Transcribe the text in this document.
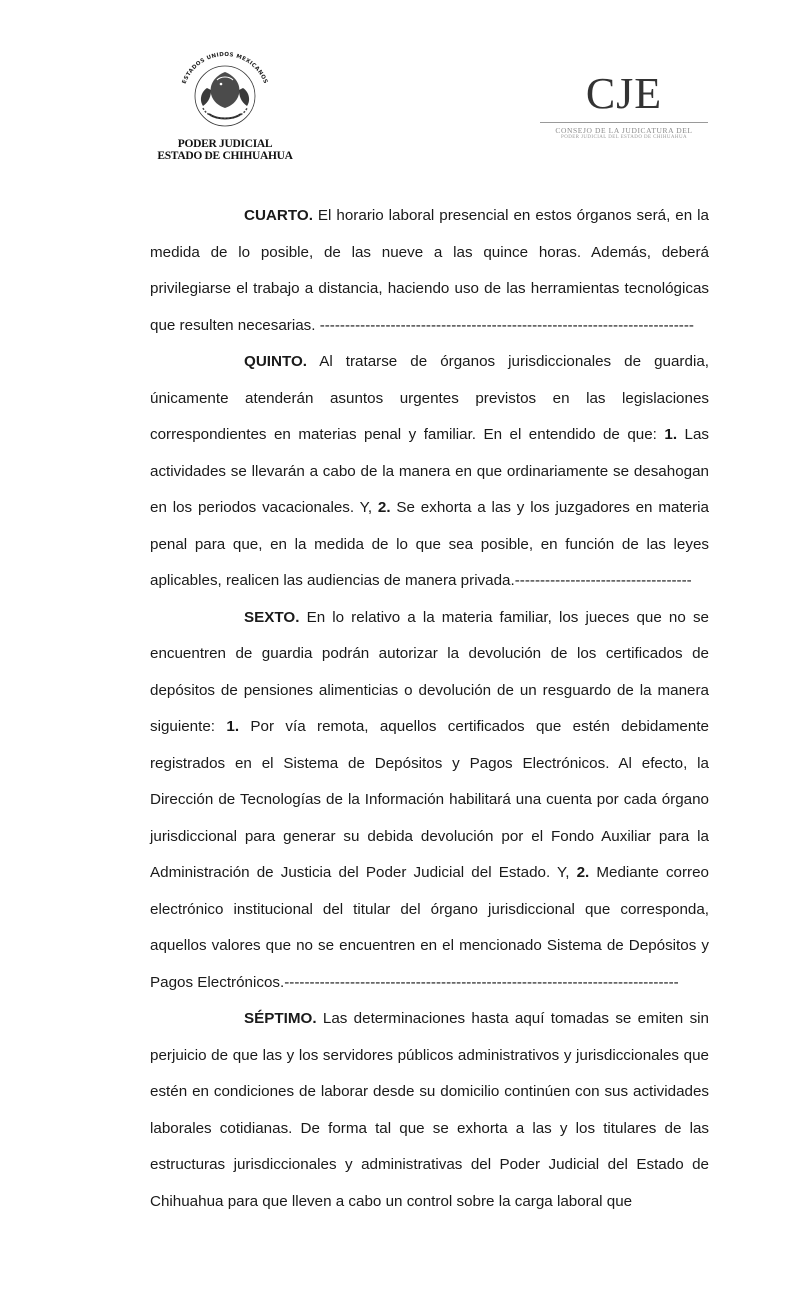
ESTADOS UNIDOS MEXICANOS
PODER JUDICIAL
ESTADO DE CHIHUAHUA
CJE
CONSEJO DE LA JUDICATURA DEL
PODER JUDICIAL DEL ESTADO DE CHIHUAHUA

CUARTO. El horario laboral presencial en estos órganos será, en la medida de lo posible, de las nueve a las quince horas. Además, deberá privilegiarse el trabajo a distancia, haciendo uso de las herramientas tecnológicas que resulten necesarias. --------------------------------------------------------------------------

QUINTO. Al tratarse de órganos jurisdiccionales de guardia, únicamente atenderán asuntos urgentes previstos en las legislaciones correspondientes en materias penal y familiar. En el entendido de que: 1. Las actividades se llevarán a cabo de la manera en que ordinariamente se desahogan en los periodos vacacionales. Y, 2. Se exhorta a las y los juzgadores en materia penal para que, en la medida de lo que sea posible, en función de las leyes aplicables, realicen las audiencias de manera privada.-----------------------------------

SEXTO. En lo relativo a la materia familiar, los jueces que no se encuentren de guardia podrán autorizar la devolución de los certificados de depósitos de pensiones alimenticias o devolución de un resguardo de la manera siguiente: 1. Por vía remota, aquellos certificados que estén debidamente registrados en el Sistema de Depósitos y Pagos Electrónicos. Al efecto, la Dirección de Tecnologías de la Información habilitará una cuenta por cada órgano jurisdiccional para generar su debida devolución por el Fondo Auxiliar para la Administración de Justicia del Poder Judicial del Estado. Y, 2. Mediante correo electrónico institucional del titular del órgano jurisdiccional que corresponda, aquellos valores que no se encuentren en el mencionado Sistema de Depósitos y Pagos Electrónicos.------------------------------------------------------------------------------

SÉPTIMO. Las determinaciones hasta aquí tomadas se emiten sin perjuicio de que las y los servidores públicos administrativos y jurisdiccionales que estén en condiciones de laborar desde su domicilio continúen con sus actividades laborales cotidianas. De forma tal que se exhorta a las y los titulares de las estructuras jurisdiccionales y administrativas del Poder Judicial del Estado de Chihuahua para que lleven a cabo un control sobre la carga laboral que
